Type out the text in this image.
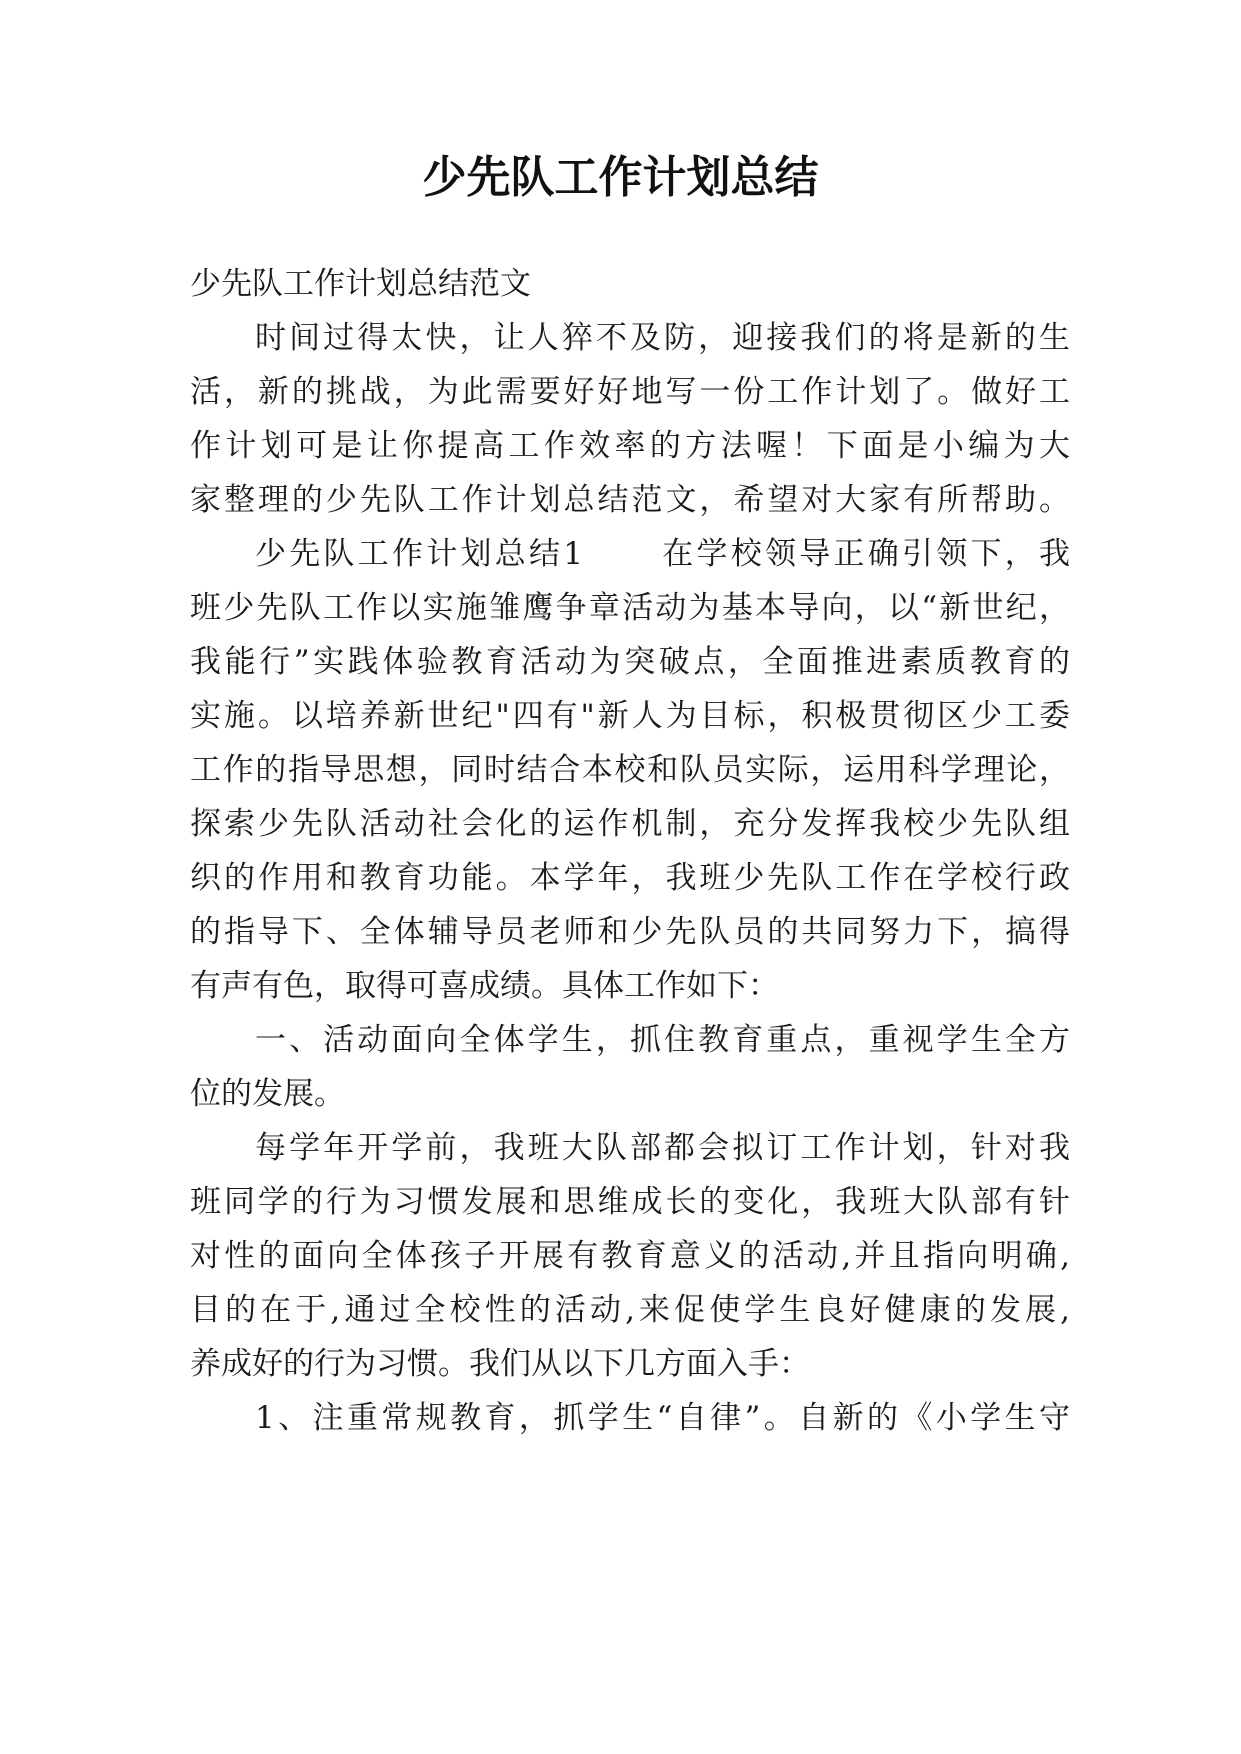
少先队工作计划总结

少先队工作计划总结范文

时间过得太快，让人猝不及防，迎接我们的将是新的生

活，新的挑战，为此需要好好地写一份工作计划了。做好工

作计划可是让你提高工作效率的方法喔！下面是小编为大

家整理的少先队工作计划总结范文，希望对大家有所帮助。

少先队工作计划总结1 在学校领导正确引领下，我

班少先队工作以实施雏鹰争章活动为基本导向，以“新世纪，

我能行”实践体验教育活动为突破点，全面推进素质教育的

实施。以培养新世纪"四有"新人为目标，积极贯彻区少工委

工作的指导思想，同时结合本校和队员实际，运用科学理论，

探索少先队活动社会化的运作机制，充分发挥我校少先队组

织的作用和教育功能。本学年，我班少先队工作在学校行政

的指导下、全体辅导员老师和少先队员的共同努力下，搞得

有声有色，取得可喜成绩。具体工作如下：

一、活动面向全体学生，抓住教育重点，重视学生全方

位的发展。

每学年开学前，我班大队部都会拟订工作计划，针对我

班同学的行为习惯发展和思维成长的变化，我班大队部有针

对性的面向全体孩子开展有教育意义的活动,并且指向明确,

目的在于,通过全校性的活动,来促使学生良好健康的发展,

养成好的行为习惯。我们从以下几方面入手：

1、注重常规教育，抓学生“自律”。自新的《小学生守
